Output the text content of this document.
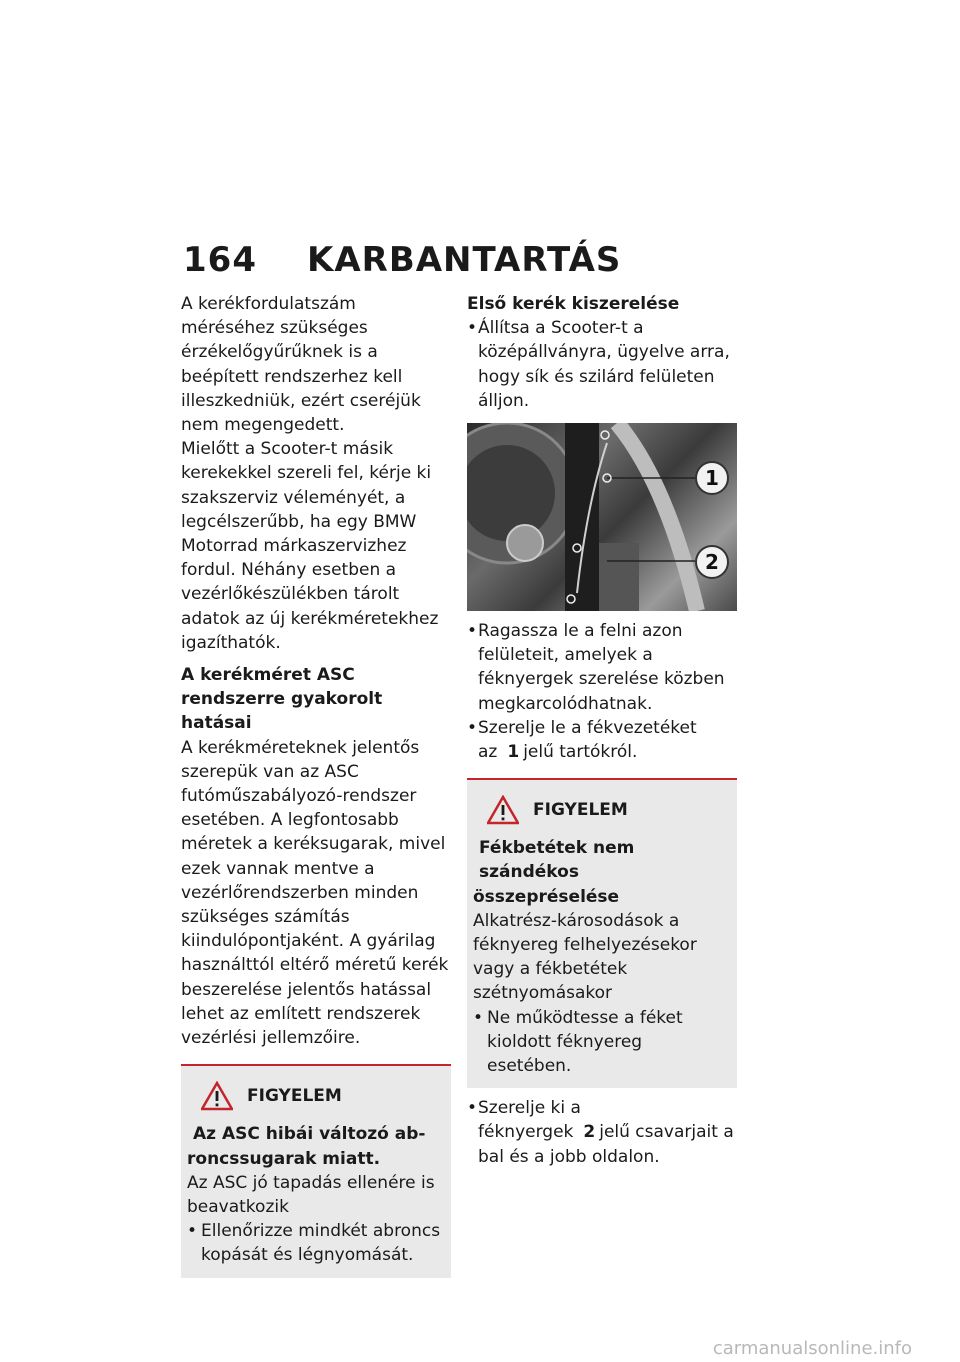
164 KARBANTARTÁS

A kerékfordulatszám méréséhez szükséges érzékelőgyűrűknek is a beépített rendszerhez kell illeszkedniük, ezért cseréjük nem megengedett.

Mielőtt a Scooter-t másik kerekekkel szereli fel, kérje ki szakszerviz véleményét, a legcélszerűbb, ha egy BMW Motorrad márkaszervizhez fordul. Néhány esetben a vezérlőkészülékben tárolt adatok az új kerékméretekhez igazíthatók.

A kerékméret ASC rendszerre gyakorolt hatásai

A kerékméreteknek jelentős szerepük van az ASC futóműszabályozó-rendszer esetében. A legfontosabb méretek a keréksugarak, mivel ezek vannak mentve a vezérlőrendszerben minden szükséges számítás kiindulópontjaként. A gyárilag használttól eltérő méretű kerék beszerelése jelentős hatással lehet az említett rendszerek vezérlési jellemzőire.

FIGYELEM

Az ASC hibái változó ab-
roncssugarak miatt.

Az ASC jó tapadás ellenére is beavatkozik

• Ellenőrizze mindkét abroncs kopását és légnyomását.

Első kerék kiszerelése

• Állítsa a Scooter-t a középállványra, ügyelve arra, hogy sík és szilárd felületen álljon.
1
2
• Ragassza le a felni azon felületeit, amelyek a féknyergek szerelése közben megkarcolódhatnak.
• Szerelje le a fékvezetéket az 1 jelű tartókról.
FIGYELEM

Fékbetétek nem szándékos
összepréselése

Alkatrész-károsodások a féknyereg felhelyezésekor vagy a fékbetétek szétnyomásakor

• Ne működtesse a féket kioldott féknyereg esetében.
• Szerelje ki a féknyergek 2 jelű csavarjait a bal és a jobb oldalon.
carmanualsonline.info
